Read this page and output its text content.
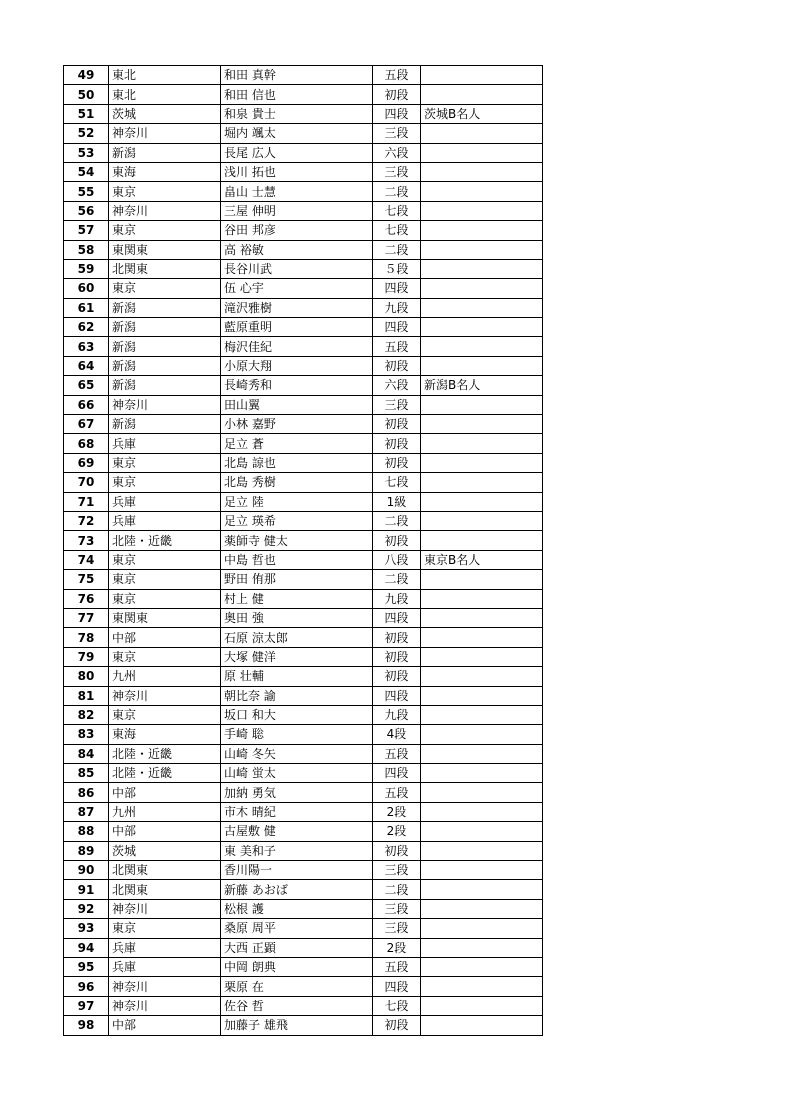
49	東北	和田 真幹	五段	
50	東北	和田 信也	初段	
51	茨城	和泉 貴士	四段	茨城B名人
52	神奈川	堀内 颯太	三段	
53	新潟	長尾 広人	六段	
54	東海	浅川 拓也	三段	
55	東京	畠山 士慧	二段	
56	神奈川	三屋 伸明	七段	
57	東京	谷田 邦彦	七段	
58	東関東	高 裕敏	二段	
59	北関東	長谷川武	５段	
60	東京	伍 心宇	四段	
61	新潟	滝沢雅樹	九段	
62	新潟	藍原重明	四段	
63	新潟	梅沢佳紀	五段	
64	新潟	小原大翔	初段	
65	新潟	長崎秀和	六段	新潟B名人
66	神奈川	田山翼	三段	
67	新潟	小林 嘉野	初段	
68	兵庫	足立 蒼	初段	
69	東京	北島 諒也	初段	
70	東京	北島 秀樹	七段	
71	兵庫	足立 陸	1級	
72	兵庫	足立 瑛希	二段	
73	北陸・近畿	薬師寺 健太	初段	
74	東京	中島 哲也	八段	東京B名人
75	東京	野田 侑那	二段	
76	東京	村上 健	九段	
77	東関東	奥田 強	四段	
78	中部	石原 涼太郎	初段	
79	東京	大塚 健洋	初段	
80	九州	原 壮輔	初段	
81	神奈川	朝比奈 諭	四段	
82	東京	坂口 和大	九段	
83	東海	手崎 聡	4段	
84	北陸・近畿	山崎 冬矢	五段	
85	北陸・近畿	山崎 蛍太	四段	
86	中部	加納 勇気	五段	
87	九州	市木 晴紀	2段	
88	中部	古屋敷 健	2段	
89	茨城	東 美和子	初段	
90	北関東	香川陽一	三段	
91	北関東	新藤 あおば	二段	
92	神奈川	松根 護	三段	
93	東京	桑原 周平	三段	
94	兵庫	大西 正顕	2段	
95	兵庫	中岡 朗典	五段	
96	神奈川	栗原 在	四段	
97	神奈川	佐谷 哲	七段	
98	中部	加藤子 雄飛	初段	
